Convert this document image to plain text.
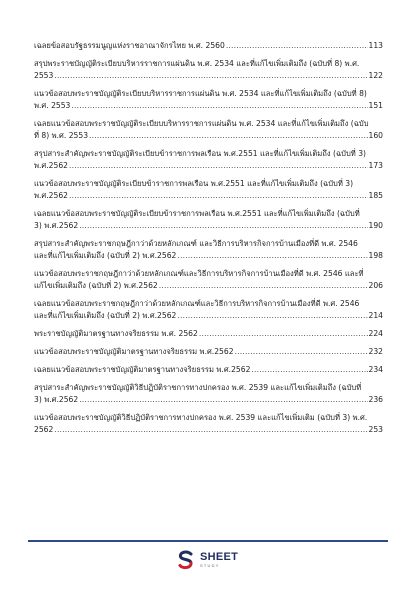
เฉลยข้อสอบรัฐธรรมนูญแห่งราชอาณาจักรไทย พ.ศ. 2560 .....	113
สรุปพระราชบัญญัติระเบียบบริหารราชการแผ่นดิน พ.ศ. 2534 และที่แก้ไขเพิ่มเติมถึง (ฉบับที่ 8) พ.ศ.
2553 .....	122
แนวข้อสอบพระราชบัญญัติระเบียบบริหารราชการแผ่นดิน พ.ศ. 2534 และที่แก้ไขเพิ่มเติมถึง (ฉบับที่ 8)
พ.ศ. 2553 .....	151
เฉลยแนวข้อสอบพระราชบัญญัติระเบียบบริหารราชการแผ่นดิน พ.ศ. 2534 และที่แก้ไขเพิ่มเติมถึง (ฉบับ
ที่ 8) พ.ศ. 2553 .....	160
สรุปสาระสำคัญพระราชบัญญัติระเบียบข้าราชการพลเรือน พ.ศ.2551 และที่แก้ไขเพิ่มเติมถึง (ฉบับที่ 3)
พ.ศ.2562 .....	173
แนวข้อสอบพระราชบัญญัติระเบียบข้าราชการพลเรือน พ.ศ.2551 และที่แก้ไขเพิ่มเติมถึง (ฉบับที่ 3)
พ.ศ.2562 .....	185
เฉลยแนวข้อสอบพระราชบัญญัติระเบียบข้าราชการพลเรือน พ.ศ.2551 และที่แก้ไขเพิ่มเติมถึง (ฉบับที่
3) พ.ศ.2562 .....	190
สรุปสาระสำคัญพระราชกฤษฎีกาว่าด้วยหลักเกณฑ์ และวิธีการบริหารกิจการบ้านเมืองที่ดี พ.ศ. 2546
และที่แก้ไขเพิ่มเติมถึง (ฉบับที่ 2) พ.ศ.2562 .....	198
แนวข้อสอบพระราชกฤษฎีกาว่าด้วยหลักเกณฑ์และวิธีการบริหารกิจการบ้านเมืองที่ดี พ.ศ. 2546 และที่
แก้ไขเพิ่มเติมถึง (ฉบับที่ 2) พ.ศ.2562 .....	206
เฉลยแนวข้อสอบพระราชกฤษฎีกาว่าด้วยหลักเกณฑ์และวิธีการบริหารกิจการบ้านเมืองที่ดี พ.ศ. 2546
และที่แก้ไขเพิ่มเติมถึง (ฉบับที่ 2) พ.ศ.2562 .....	214
พระราชบัญญัติมาตรฐานทางจริยธรรม พ.ศ. 2562 .....	224
แนวข้อสอบพระราชบัญญัติมาตรฐานทางจริยธรรม พ.ศ.2562 .....	232
เฉลยแนวข้อสอบพระราชบัญญัติมาตรฐานทางจริยธรรม พ.ศ.2562 .....	234
สรุปสาระสำคัญพระราชบัญญัติวิธีปฏิบัติราชการทางปกครอง พ.ศ. 2539 และแก้ไขเพิ่มเติมถึง (ฉบับที่
3) พ.ศ.2562 .....	236
แนวข้อสอบพระราชบัญญัติวิธีปฏิบัติราชการทางปกครอง พ.ศ. 2539 และแก้ไขเพิ่มเติม (ฉบับที่ 3) พ.ศ.
2562 .....	253
SHEET
STUDY
